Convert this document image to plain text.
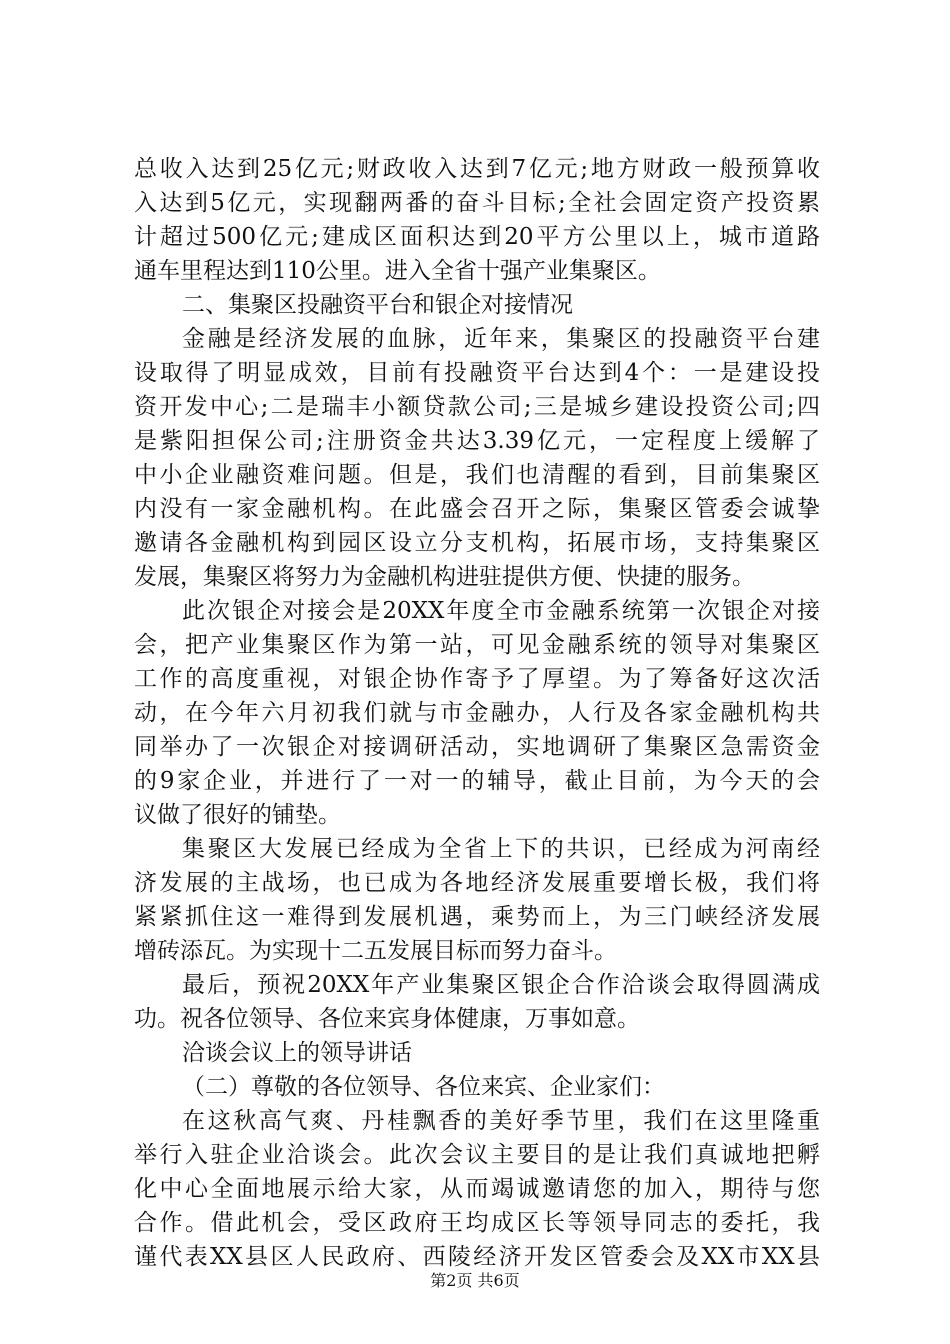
总收入达到25亿元;财政收入达到7亿元;地方财政一般预算收
入达到5亿元，实现翻两番的奋斗目标;全社会固定资产投资累
计超过500亿元;建成区面积达到20平方公里以上，城市道路
通车里程达到110公里。进入全省十强产业集聚区。
二、集聚区投融资平台和银企对接情况
金融是经济发展的血脉，近年来，集聚区的投融资平台建
设取得了明显成效，目前有投融资平台达到4个：一是建设投
资开发中心;二是瑞丰小额贷款公司;三是城乡建设投资公司;四
是紫阳担保公司;注册资金共达3.39亿元，一定程度上缓解了
中小企业融资难问题。但是，我们也清醒的看到，目前集聚区
内没有一家金融机构。在此盛会召开之际，集聚区管委会诚挚
邀请各金融机构到园区设立分支机构，拓展市场，支持集聚区
发展，集聚区将努力为金融机构进驻提供方便、快捷的服务。
此次银企对接会是20XX年度全市金融系统第一次银企对接
会，把产业集聚区作为第一站，可见金融系统的领导对集聚区
工作的高度重视，对银企协作寄予了厚望。为了筹备好这次活
动，在今年六月初我们就与市金融办，人行及各家金融机构共
同举办了一次银企对接调研活动，实地调研了集聚区急需资金
的9家企业，并进行了一对一的辅导，截止目前，为今天的会
议做了很好的铺垫。
集聚区大发展已经成为全省上下的共识，已经成为河南经
济发展的主战场，也已成为各地经济发展重要增长极，我们将
紧紧抓住这一难得到发展机遇，乘势而上，为三门峡经济发展
增砖添瓦。为实现十二五发展目标而努力奋斗。
最后，预祝20XX年产业集聚区银企合作洽谈会取得圆满成
功。祝各位领导、各位来宾身体健康，万事如意。
洽谈会议上的领导讲话
（二）尊敬的各位领导、各位来宾、企业家们：
在这秋高气爽、丹桂飘香的美好季节里，我们在这里隆重
举行入驻企业洽谈会。此次会议主要目的是让我们真诚地把孵
化中心全面地展示给大家，从而竭诚邀请您的加入，期待与您
合作。借此机会，受区政府王均成区长等领导同志的委托，我
谨代表XX县区人民政府、西陵经济开发区管委会及XX市XX县
第2页 共6页
